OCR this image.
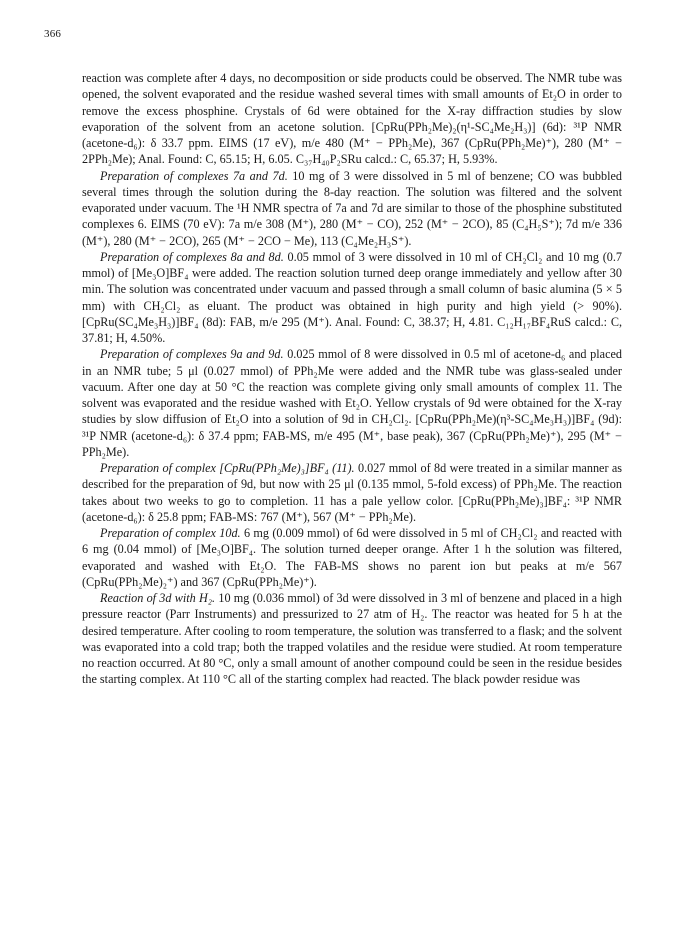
366

reaction was complete after 4 days, no decomposition or side products could be observed. The NMR tube was opened, the solvent evaporated and the residue washed several times with small amounts of Et₂O in order to remove the excess phosphine. Crystals of 6d were obtained for the X-ray diffraction studies by slow evaporation of the solvent from an acetone solution. [CpRu(PPh₂Me)₂(η¹-SC₄Me₂H₃)] (6d): ³¹P NMR (acetone-d₆): δ 33.7 ppm. EIMS (17 eV), m/e 480 (M⁺ − PPh₂Me), 367 (CpRu(PPh₂Me)⁺), 280 (M⁺ − 2PPh₂Me); Anal. Found: C, 65.15; H, 6.05. C₃₇H₄₀P₂SRu calcd.: C, 65.37; H, 5.93%.

Preparation of complexes 7a and 7d. 10 mg of 3 were dissolved in 5 ml of benzene; CO was bubbled several times through the solution during the 8-day reaction. The solution was filtered and the solvent evaporated under vacuum. The ¹H NMR spectra of 7a and 7d are similar to those of the phosphine substituted complexes 6. EIMS (70 eV): 7a m/e 308 (M⁺), 280 (M⁺ − CO), 252 (M⁺ − 2CO), 85 (C₄H₅S⁺); 7d m/e 336 (M⁺), 280 (M⁺ − 2CO), 265 (M⁺ − 2CO − Me), 113 (C₄Me₂H₃S⁺).

Preparation of complexes 8a and 8d. 0.05 mmol of 3 were dissolved in 10 ml of CH₂Cl₂ and 10 mg (0.7 mmol) of [Me₃O]BF₄ were added. The reaction solution turned deep orange immediately and yellow after 30 min. The solution was concentrated under vacuum and passed through a small column of basic alumina (5 × 5 mm) with CH₂Cl₂ as eluant. The product was obtained in high purity and high yield (> 90%). [CpRu(SC₄Me₃H₃)]BF₄ (8d): FAB, m/e 295 (M⁺). Anal. Found: C, 38.37; H, 4.81. C₁₂H₁₇BF₄RuS calcd.: C, 37.81; H, 4.50%.

Preparation of complexes 9a and 9d. 0.025 mmol of 8 were dissolved in 0.5 ml of acetone-d₆ and placed in an NMR tube; 5 μl (0.027 mmol) of PPh₂Me were added and the NMR tube was glass-sealed under vacuum. After one day at 50 °C the reaction was complete giving only small amounts of complex 11. The solvent was evaporated and the residue washed with Et₂O. Yellow crystals of 9d were obtained for the X-ray studies by slow diffusion of Et₂O into a solution of 9d in CH₂Cl₂. [CpRu(PPh₂Me)(η³-SC₄Me₃H₃)]BF₄ (9d): ³¹P NMR (acetone-d₆): δ 37.4 ppm; FAB-MS, m/e 495 (M⁺, base peak), 367 (CpRu(PPh₂Me)⁺), 295 (M⁺ − PPh₂Me).

Preparation of complex [CpRu(PPh₂Me)₃]BF₄ (11). 0.027 mmol of 8d were treated in a similar manner as described for the preparation of 9d, but now with 25 μl (0.135 mmol, 5-fold excess) of PPh₂Me. The reaction takes about two weeks to go to completion. 11 has a pale yellow color. [CpRu(PPh₂Me)₃]BF₄: ³¹P NMR (acetone-d₆): δ 25.8 ppm; FAB-MS: 767 (M⁺), 567 (M⁺ − PPh₂Me).

Preparation of complex 10d. 6 mg (0.009 mmol) of 6d were dissolved in 5 ml of CH₂Cl₂ and reacted with 6 mg (0.04 mmol) of [Me₃O]BF₄. The solution turned deeper orange. After 1 h the solution was filtered, evaporated and washed with Et₂O. The FAB-MS shows no parent ion but peaks at m/e 567 (CpRu(PPh₂Me)₂⁺) and 367 (CpRu(PPh₂Me)⁺).

Reaction of 3d with H₂. 10 mg (0.036 mmol) of 3d were dissolved in 3 ml of benzene and placed in a high pressure reactor (Parr Instruments) and pressurized to 27 atm of H₂. The reactor was heated for 5 h at the desired temperature. After cooling to room temperature, the solution was transferred to a flask; and the solvent was evaporated into a cold trap; both the trapped volatiles and the residue were studied. At room temperature no reaction occurred. At 80 °C, only a small amount of another compound could be seen in the residue besides the starting complex. At 110 °C all of the starting complex had reacted. The black powder residue was
